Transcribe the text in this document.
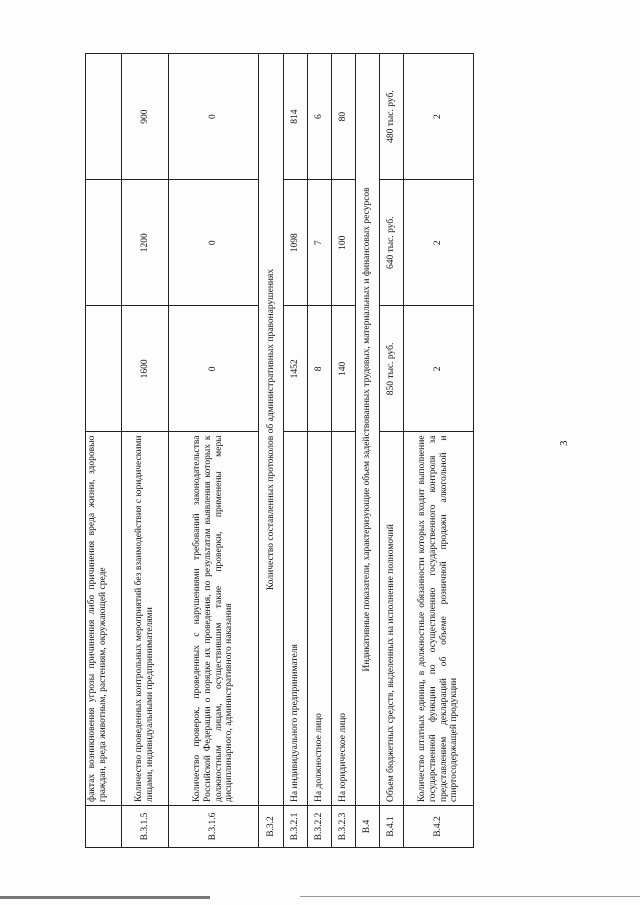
	фактах возникновения угрозы причинения либо причинения вреда жизни, здоровью граждан, вреда животным, растениям, окружающей среде			
В.3.1.5	Количество проведенных контрольных мероприятий без взаимодействия с юридическими лицами, индивидуальными предпринимателями	1600	1200	900
В.3.1.6	Количество проверок, проведенных с нарушениями требований законодательства Российской Федерации о порядке их проведения, по результатам выявления которых к должностным лицам, осуществившим такие проверки, применены меры дисциплинарного, административного наказания	0	0	0
В.3.2	Количество составленных протоколов об административных правонарушениях			
В.3.2.1	На индивидуального предпринимателя	1452	1098	814
В.3.2.2	На должностное лицо	8	7	6
В.3.2.3	На юридическое лицо	140	100	80
В.4	Индикативные показатели, характеризующие объем задействованных трудовых, материальных и финансовых ресурсов			
В.4.1	Объем бюджетных средств, выделенных на исполнение полномочий	850 тыс. руб.	640 тыс. руб.	480 тыс. руб.
В.4.2	Количество штатных единиц, в должностные обязанности которых входит выполнение государственной функции по осуществлению государственного контроля за представлением деклараций об объеме розничной продажи алкогольной и спиртосодержащей продукции	2	2	2
3
